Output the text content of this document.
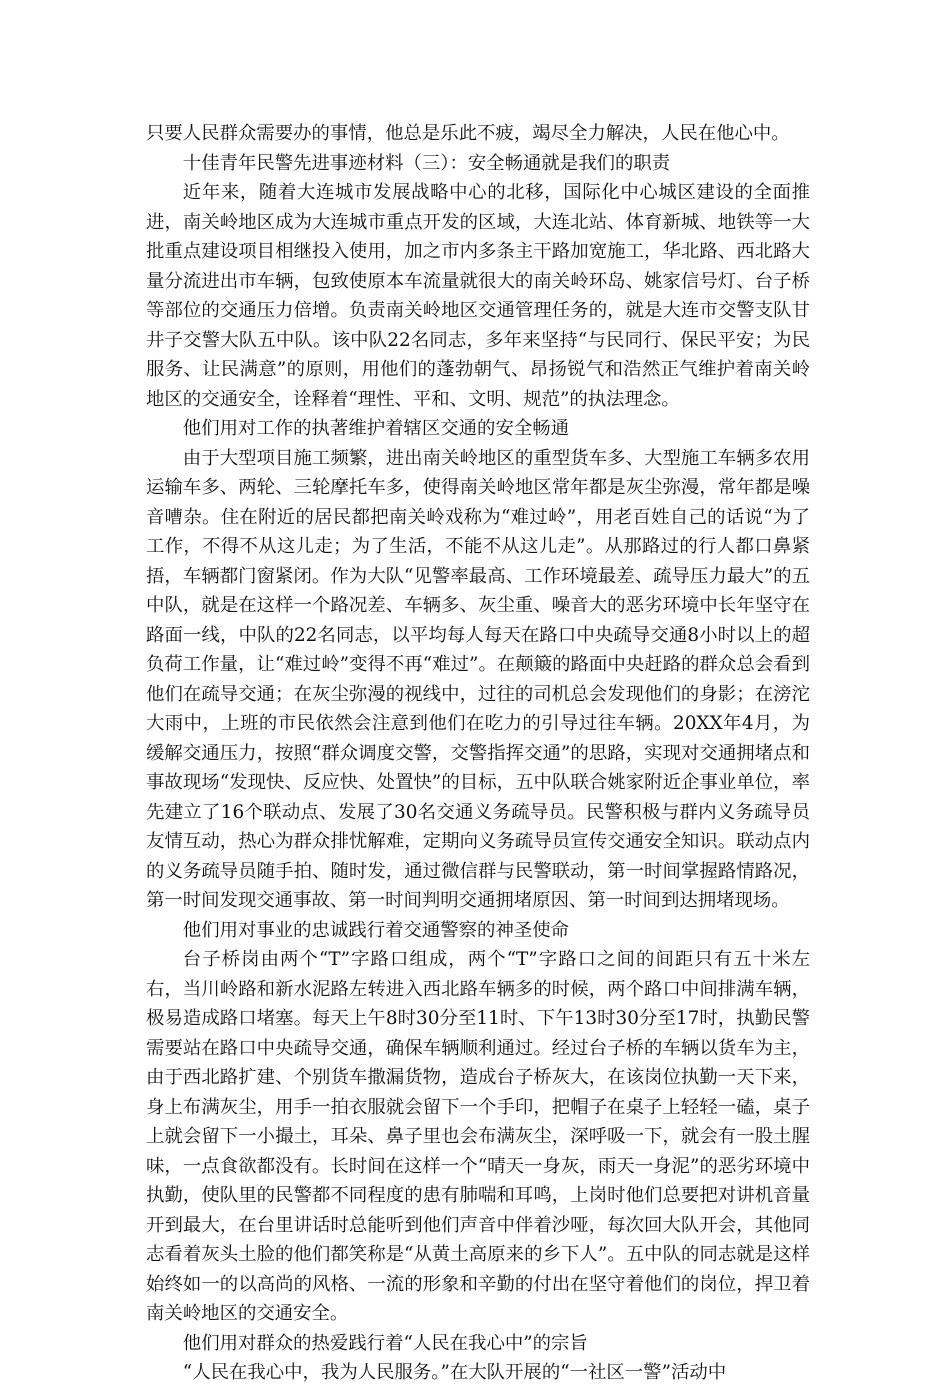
只要人民群众需要办的事情，他总是乐此不疲，竭尽全力解决，人民在他心中。

十佳青年民警先进事迹材料（三）：安全畅通就是我们的职责

近年来，随着大连城市发展战略中心的北移，国际化中心城区建设的全面推进，南关岭地区成为大连城市重点开发的区域，大连北站、体育新城、地铁等一大批重点建设项目相继投入使用，加之市内多条主干路加宽施工，华北路、西北路大量分流进出市车辆，包致使原本车流量就很大的南关岭环岛、姚家信号灯、台子桥等部位的交通压力倍增。负责南关岭地区交通管理任务的，就是大连市交警支队甘井子交警大队五中队。该中队22名同志，多年来坚持“与民同行、保民平安；为民服务、让民满意”的原则，用他们的蓬勃朝气、昂扬锐气和浩然正气维护着南关岭地区的交通安全，诠释着“理性、平和、文明、规范”的执法理念。

他们用对工作的执著维护着辖区交通的安全畅通

由于大型项目施工频繁，进出南关岭地区的重型货车多、大型施工车辆多农用运输车多、两轮、三轮摩托车多，使得南关岭地区常年都是灰尘弥漫，常年都是噪音嘈杂。住在附近的居民都把南关岭戏称为“难过岭”，用老百姓自己的话说“为了工作，不得不从这儿走；为了生活，不能不从这儿走”。从那路过的行人都口鼻紧捂，车辆都门窗紧闭。作为大队“见警率最高、工作环境最差、疏导压力最大”的五中队，就是在这样一个路况差、车辆多、灰尘重、噪音大的恶劣环境中长年坚守在路面一线，中队的22名同志，以平均每人每天在路口中央疏导交通8小时以上的超负荷工作量，让“难过岭”变得不再“难过”。在颠簸的路面中央赶路的群众总会看到他们在疏导交通；在灰尘弥漫的视线中，过往的司机总会发现他们的身影；在滂沱大雨中，上班的市民依然会注意到他们在吃力的引导过往车辆。20XX年4月，为缓解交通压力，按照“群众调度交警，交警指挥交通”的思路，实现对交通拥堵点和事故现场“发现快、反应快、处置快”的目标，五中队联合姚家附近企事业单位，率先建立了16个联动点、发展了30名交通义务疏导员。民警积极与群内义务疏导员友情互动，热心为群众排忧解难，定期向义务疏导员宣传交通安全知识。联动点内的义务疏导员随手拍、随时发，通过微信群与民警联动，第一时间掌握路情路况，第一时间发现交通事故、第一时间判明交通拥堵原因、第一时间到达拥堵现场。

他们用对事业的忠诚践行着交通警察的神圣使命

台子桥岗由两个“T”字路口组成，两个“T”字路口之间的间距只有五十米左右，当川岭路和新水泥路左转进入西北路车辆多的时候，两个路口中间排满车辆，极易造成路口堵塞。每天上午8时30分至11时、下午13时30分至17时，执勤民警需要站在路口中央疏导交通，确保车辆顺利通过。经过台子桥的车辆以货车为主，由于西北路扩建、个别货车撒漏货物，造成台子桥灰大，在该岗位执勤一天下来，身上布满灰尘，用手一拍衣服就会留下一个手印，把帽子在桌子上轻轻一磕，桌子上就会留下一小撮土，耳朵、鼻子里也会布满灰尘，深呼吸一下，就会有一股土腥味，一点食欲都没有。长时间在这样一个“晴天一身灰，雨天一身泥”的恶劣环境中执勤，使队里的民警都不同程度的患有肺喘和耳鸣，上岗时他们总要把对讲机音量开到最大，在台里讲话时总能听到他们声音中伴着沙哑，每次回大队开会，其他同志看着灰头土脸的他们都笑称是“从黄土高原来的乡下人”。五中队的同志就是这样始终如一的以高尚的风格、一流的形象和辛勤的付出在坚守着他们的岗位，捍卫着南关岭地区的交通安全。

他们用对群众的热爱践行着“人民在我心中”的宗旨

“人民在我心中，我为人民服务。”在大队开展的“一社区一警”活动中
